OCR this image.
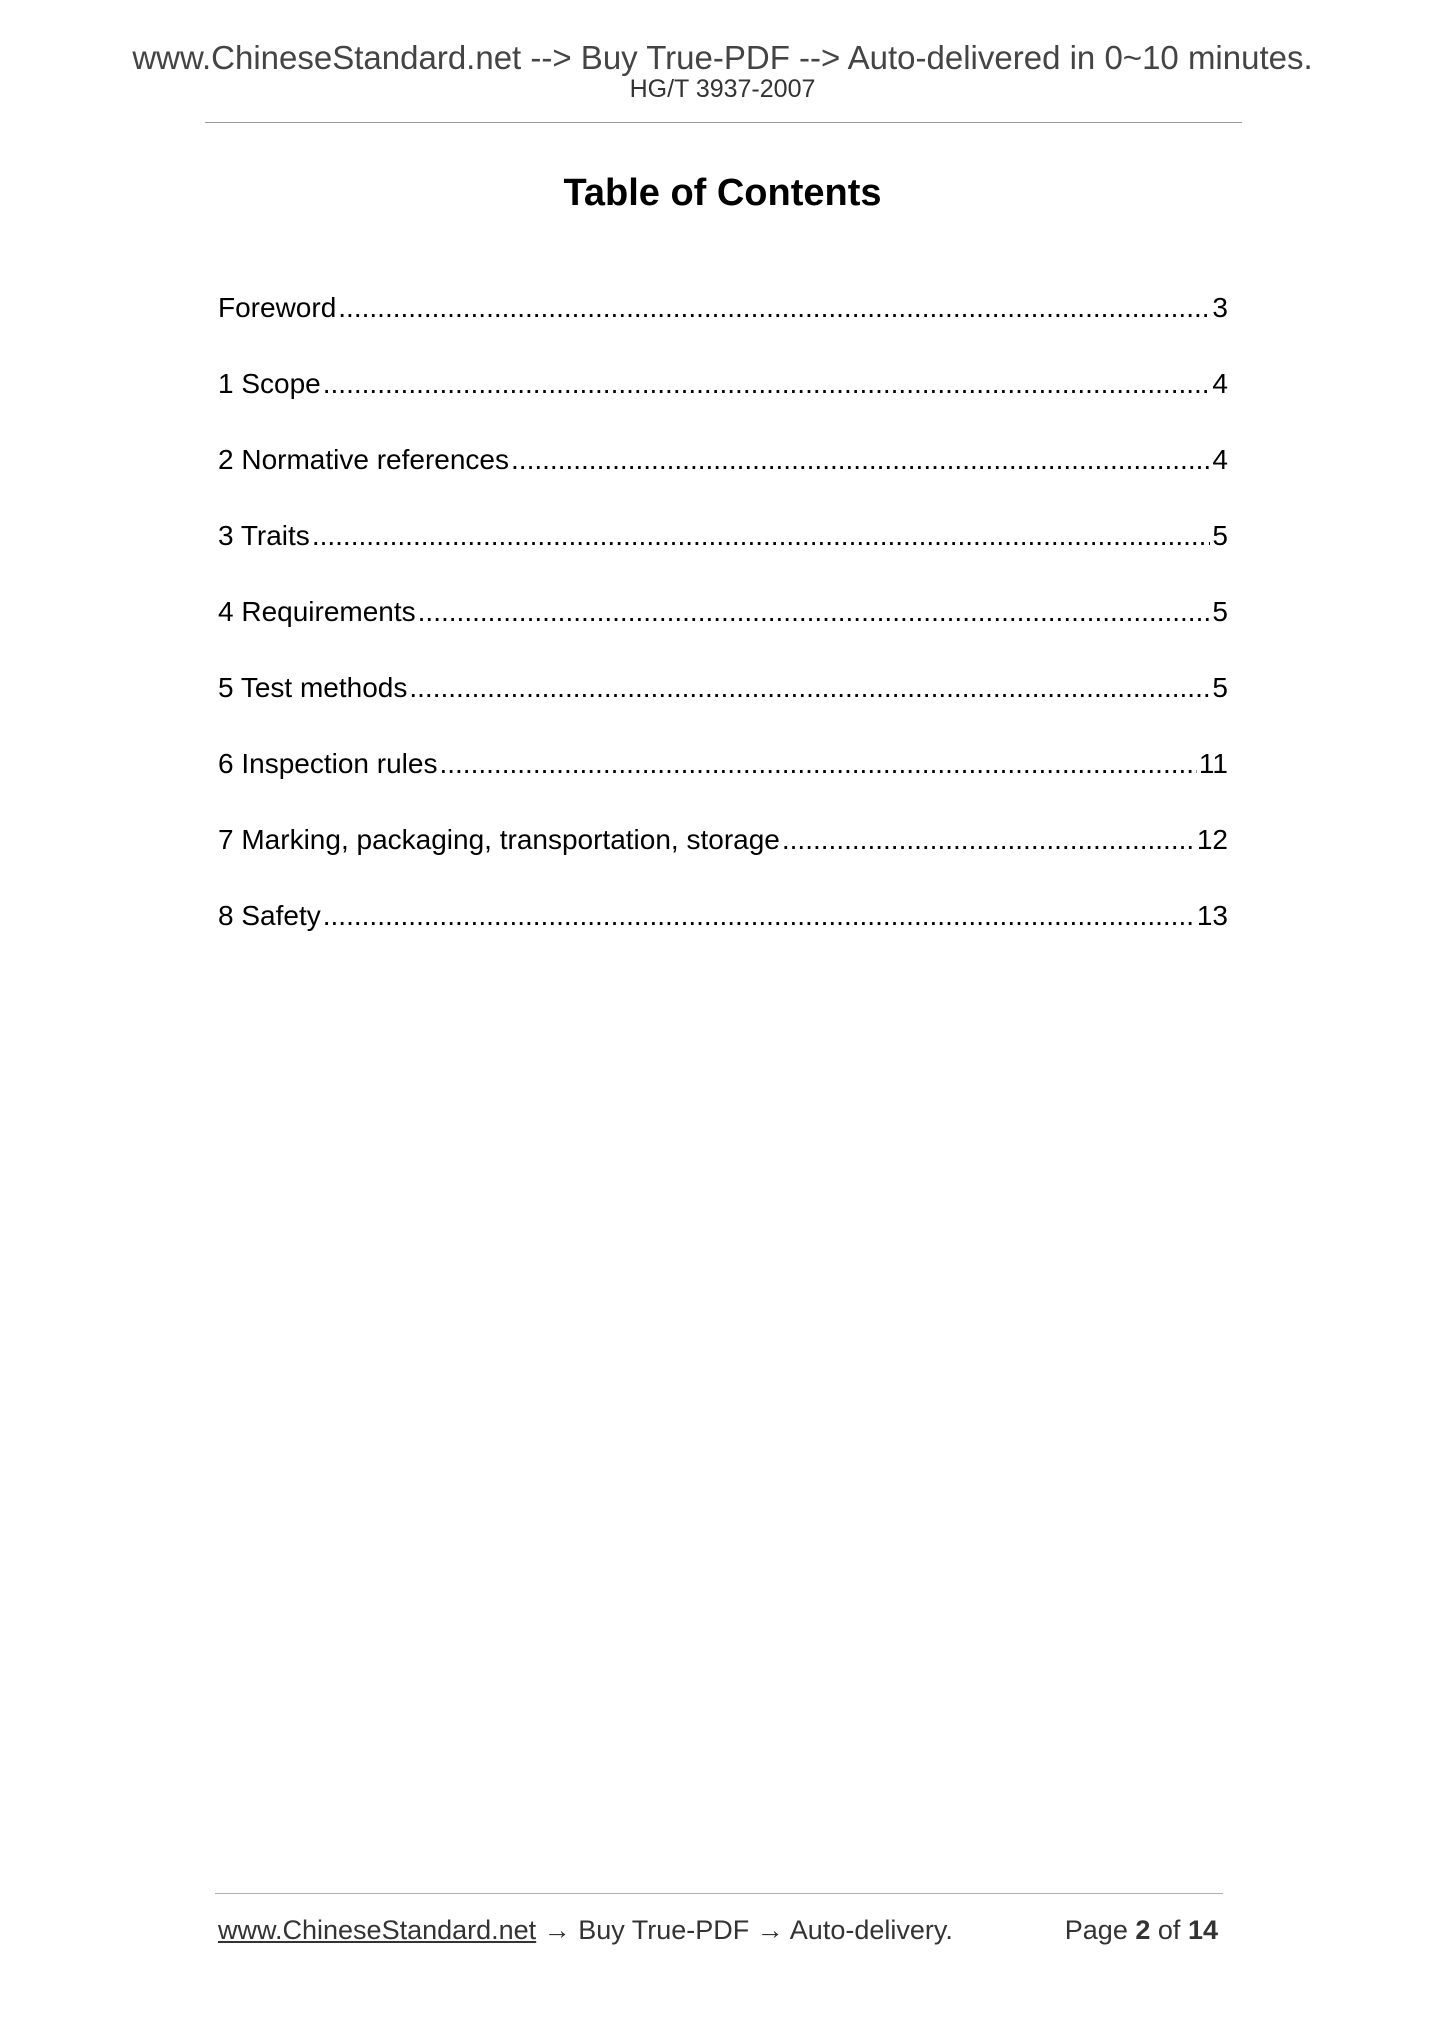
www.ChineseStandard.net --> Buy True-PDF --> Auto-delivered in 0~10 minutes.
HG/T 3937-2007
Table of Contents
Foreword .....	3
1 Scope .....	4
2 Normative references .....	4
3 Traits .....	5
4 Requirements .....	5
5 Test methods .....	5
6 Inspection rules .....	11
7 Marking, packaging, transportation, storage .....	12
8 Safety .....	13
www.ChineseStandard.net → Buy True-PDF → Auto-delivery.	Page 2 of 14
